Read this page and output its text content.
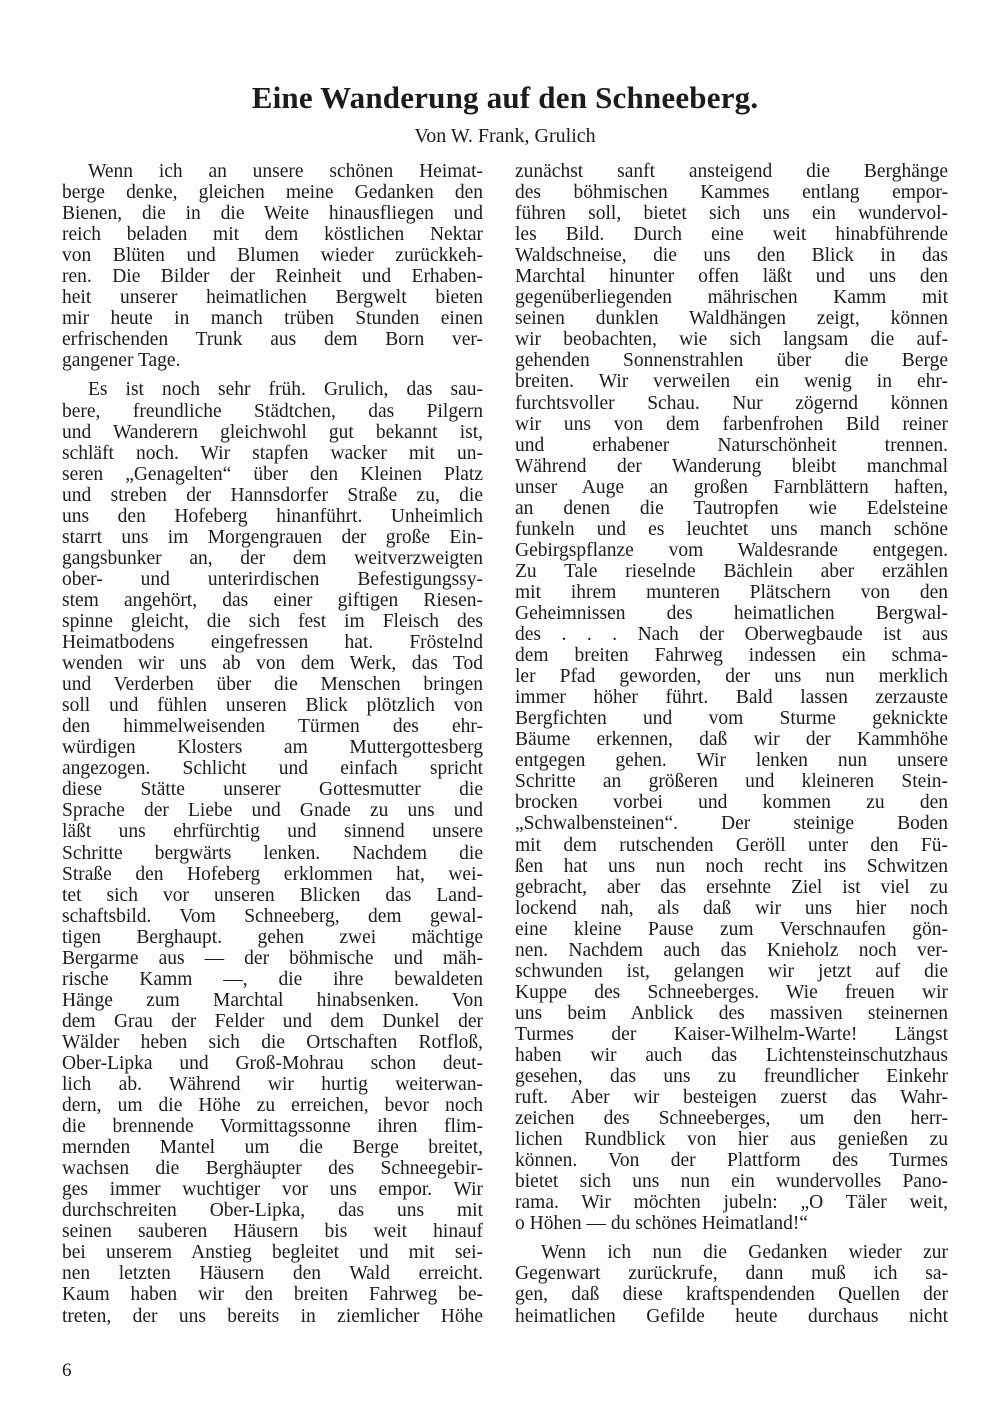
Eine Wanderung auf den Schneeberg.
Von W. Frank, Grulich
Wenn ich an unsere schönen Heimat-
berge denke, gleichen meine Gedanken den
Bienen, die in die Weite hinausfliegen und
reich beladen mit dem köstlichen Nektar
von Blüten und Blumen wieder zurückkeh-
ren. Die Bilder der Reinheit und Erhaben-
heit unserer heimatlichen Bergwelt bieten
mir heute in manch trüben Stunden einen
erfrischenden Trunk aus dem Born ver-
gangener Tage.
Es ist noch sehr früh. Grulich, das sau-
bere, freundliche Städtchen, das Pilgern
und Wanderern gleichwohl gut bekannt ist,
schläft noch. Wir stapfen wacker mit un-
seren „Genagelten“ über den Kleinen Platz
und streben der Hannsdorfer Straße zu, die
uns den Hofeberg hinanführt. Unheimlich
starrt uns im Morgengrauen der große Ein-
gangsbunker an, der dem weitverzweigten
ober- und unterirdischen Befestigungssy-
stem angehört, das einer giftigen Riesen-
spinne gleicht, die sich fest im Fleisch des
Heimatbodens eingefressen hat. Fröstelnd
wenden wir uns ab von dem Werk, das Tod
und Verderben über die Menschen bringen
soll und fühlen unseren Blick plötzlich von
den himmelweisenden Türmen des ehr-
würdigen Klosters am Muttergottesberg
angezogen. Schlicht und einfach spricht
diese Stätte unserer Gottesmutter die
Sprache der Liebe und Gnade zu uns und
läßt uns ehrfürchtig und sinnend unsere
Schritte bergwärts lenken. Nachdem die
Straße den Hofeberg erklommen hat, wei-
tet sich vor unseren Blicken das Land-
schaftsbild. Vom Schneeberg, dem gewal-
tigen Berghaupt. gehen zwei mächtige
Bergarme aus — der böhmische und mäh-
rische Kamm —, die ihre bewaldeten
Hänge zum Marchtal hinabsenken. Von
dem Grau der Felder und dem Dunkel der
Wälder heben sich die Ortschaften Rotfloß,
Ober-Lipka und Groß-Mohrau schon deut-
lich ab. Während wir hurtig weiterwan-
dern, um die Höhe zu erreichen, bevor noch
die brennende Vormittagssonne ihren flim-
mernden Mantel um die Berge breitet,
wachsen die Berghäupter des Schneegebir-
ges immer wuchtiger vor uns empor. Wir
durchschreiten Ober-Lipka, das uns mit
seinen sauberen Häusern bis weit hinauf
bei unserem Anstieg begleitet und mit sei-
nen letzten Häusern den Wald erreicht.
Kaum haben wir den breiten Fahrweg be-
treten, der uns bereits in ziemlicher Höhe
zunächst sanft ansteigend die Berghänge
des böhmischen Kammes entlang empor-
führen soll, bietet sich uns ein wundervol-
les Bild. Durch eine weit hinabführende
Waldschneise, die uns den Blick in das
Marchtal hinunter offen läßt und uns den
gegenüberliegenden mährischen Kamm mit
seinen dunklen Waldhängen zeigt, können
wir beobachten, wie sich langsam die auf-
gehenden Sonnenstrahlen über die Berge
breiten. Wir verweilen ein wenig in ehr-
furchtsvoller Schau. Nur zögernd können
wir uns von dem farbenfrohen Bild reiner
und erhabener Naturschönheit trennen.
Während der Wanderung bleibt manchmal
unser Auge an großen Farnblättern haften,
an denen die Tautropfen wie Edelsteine
funkeln und es leuchtet uns manch schöne
Gebirgspflanze vom Waldesrande entgegen.
Zu Tale rieselnde Bächlein aber erzählen
mit ihrem munteren Plätschern von den
Geheimnissen des heimatlichen Bergwal-
des . . . Nach der Oberwegbaude ist aus
dem breiten Fahrweg indessen ein schma-
ler Pfad geworden, der uns nun merklich
immer höher führt. Bald lassen zerzauste
Bergfichten und vom Sturme geknickte
Bäume erkennen, daß wir der Kammhöhe
entgegen gehen. Wir lenken nun unsere
Schritte an größeren und kleineren Stein-
brocken vorbei und kommen zu den
„Schwalbensteinen“. Der steinige Boden
mit dem rutschenden Geröll unter den Fü-
ßen hat uns nun noch recht ins Schwitzen
gebracht, aber das ersehnte Ziel ist viel zu
lockend nah, als daß wir uns hier noch
eine kleine Pause zum Verschnaufen gön-
nen. Nachdem auch das Knieholz noch ver-
schwunden ist, gelangen wir jetzt auf die
Kuppe des Schneeberges. Wie freuen wir
uns beim Anblick des massiven steinernen
Turmes der Kaiser-Wilhelm-Warte! Längst
haben wir auch das Lichtensteinschutzhaus
gesehen, das uns zu freundlicher Einkehr
ruft. Aber wir besteigen zuerst das Wahr-
zeichen des Schneeberges, um den herr-
lichen Rundblick von hier aus genießen zu
können. Von der Plattform des Turmes
bietet sich uns nun ein wundervolles Pano-
rama. Wir möchten jubeln: „O Täler weit,
o Höhen — du schönes Heimatland!“
Wenn ich nun die Gedanken wieder zur
Gegenwart zurückrufe, dann muß ich sa-
gen, daß diese kraftspendenden Quellen der
heimatlichen Gefilde heute durchaus nicht
6
